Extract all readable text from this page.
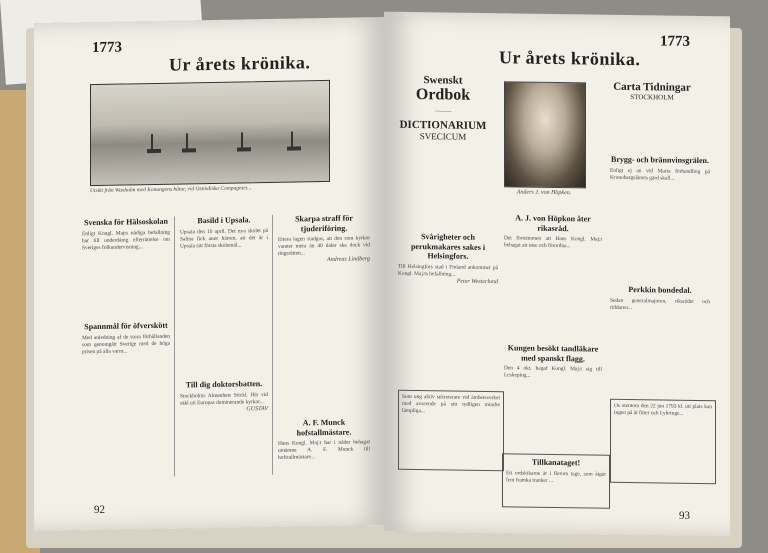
1773
Ur årets krönika.
Utsikt från Waxholm med Konungens båtar, vid Ostindiska Compagniet...
Svenska för Hälsoskolan
Enligt Kongl. Majts nådiga befallning har till underdånig efterrättelse om Sveriges folkundervisning...
Spannmål för öfverskött
Med anledning af de stora förhållanden som genomgått Sverige med de höga prisen på alla varor...
Basild i Upsala.
Upsala den 10 april. Det nya skolet på Salina fick anor härom, att det är i Upsala sitt första skolemål...
Till dig doktorsbatten.
Stockholms Almenhets Stickl. Här vid säkl uti Europas dominerande kyrkor...
GUSTAV
Skarpa straff för tjuderiföring.
Ettera lagen stadgas, att den som kyrkor vanner mera än 40 daler ska dock vid tingsrätten...
Andreas Lindberg
A. F. Munck hofstallmästare.
Hans Kongl. Maj:t har i nåder behagat utnämna A. F. Munck till hofstallmästare...
92
Ur årets krönika.
1773
Swenskt
Ordbok
———
DICTIONARIUM
SVECICUM
Anders J. von Höpken.
Carta Tidningar
STOCKHOLM
Svårigheter och perukmakares sakes i Helsingfors.
Till Helsingfors stad i Finland ankommer på Kongl. Maj:ts befallning...
Peter Westerlund
Som ung aktiv sekreterare vid ämbetsverket med avseende på sitt tydligen mindre lämpliga...
A. J. von Höpkon åter rikasråd.
Det förnämmen att Hans Kongl. Maj:t behagat att utse och förordna...
Kungen besökt tandläkare med spanskt flagg.
Den 4 okt. begaf Kongl. Maj:t sig till Leskeping...
Tillkanataget!
Ett ordskikarne är i flerom tage, som åtgår fent framka tranker ...
Brygg- och brännvinsgrälen.
Enligt ej an vid Maria förhandling på Kronobergslänets gärd skall...
Perkkin bondedal.
Sedan generalmajoren, riksrådet och riddaren...
Os otentom den 22 jun 1793 kl. uti plats kan ingen på åt fitter och Lyhringe...
93
